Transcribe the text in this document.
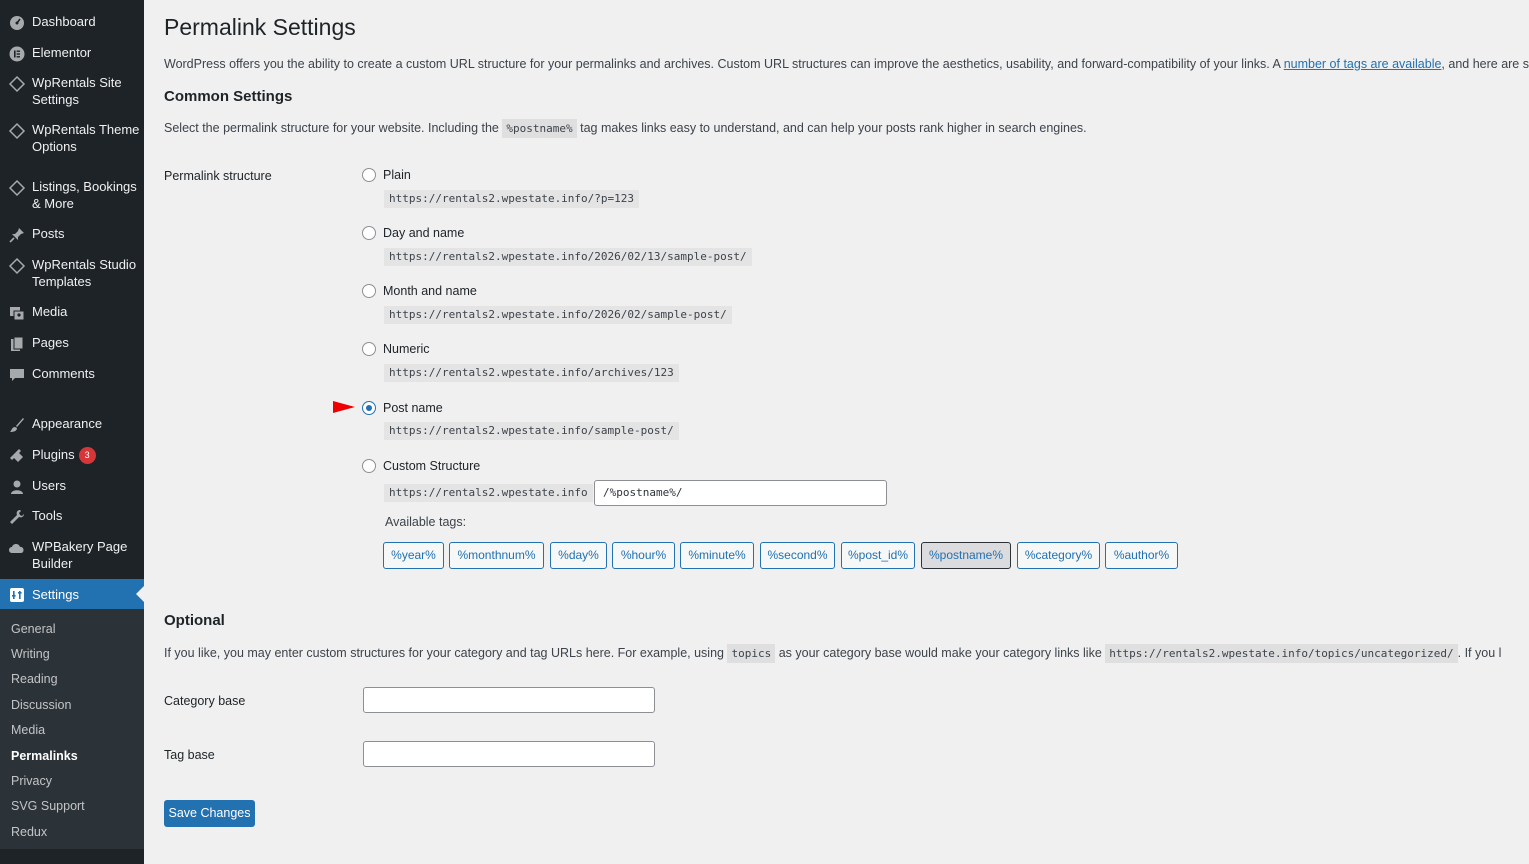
Dashboard
Elementor
WpRentals Site Settings
WpRentals Theme Options
Listings, Bookings & More
Posts
WpRentals Studio Templates
Media
Pages
Comments
Appearance
Plugins 3
Users
Tools
WPBakery Page Builder
Settings
General
Writing
Reading
Discussion
Media
Permalinks
Privacy
SVG Support
Redux
Permalink Settings

WordPress offers you the ability to create a custom URL structure for your permalinks and archives. Custom URL structures can improve the aesthetics, usability, and forward-compatibility of your links. A number of tags are available, and here are s

Common Settings

Select the permalink structure for your website. Including the %postname% tag makes links easy to understand, and can help your posts rank higher in search engines.

Permalink structure	Plain
https://rentals2.wpestate.info/?p=123
Day and name
https://rentals2.wpestate.info/2026/02/13/sample-post/
Month and name
https://rentals2.wpestate.info/2026/02/sample-post/
Numeric
https://rentals2.wpestate.info/archives/123
Post name
https://rentals2.wpestate.info/sample-post/
Custom Structure
https://rentals2.wpestate.info	/%postname%/
Available tags:
%year%	%monthnum%	%day%	%hour%	%minute%	%second%	%post_id%	%postname%	%category%	%author%
Optional

If you like, you may enter custom structures for your category and tag URLs here. For example, using topics as your category base would make your category links like https://rentals2.wpestate.info/topics/uncategorized/ . If you l

Category base
Tag base
Save Changes
